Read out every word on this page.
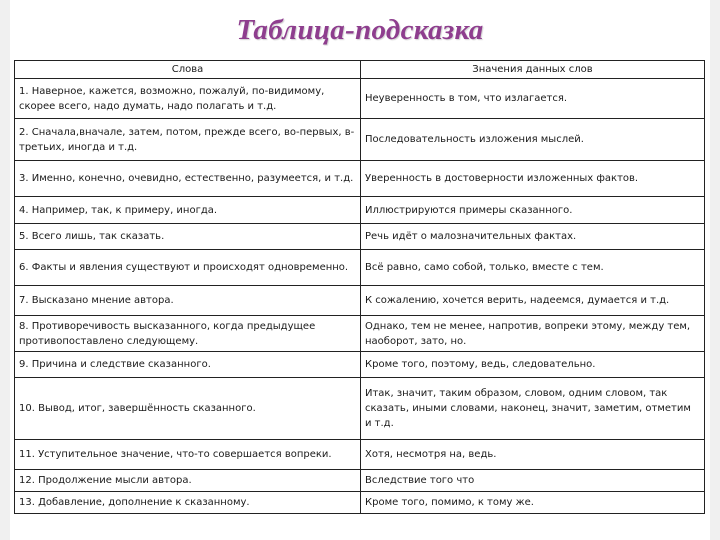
Таблица-подсказка
Слова	Значения данных слов
1. Наверное, кажется, возможно, пожалуй, по-видимому, скорее всего, надо думать, надо полагать и т.д.	Неуверенность в том, что излагается.
2. Сначала,вначале, затем, потом, прежде всего, во-первых, в-третьих, иногда и т.д.	Последовательность изложения мыслей.
3. Именно, конечно, очевидно, естественно, разумеется, и т.д.	Уверенность в достоверности изложенных фактов.
4. Например, так, к примеру, иногда.	Иллюстрируются примеры сказанного.
5. Всего лишь, так сказать.	Речь идёт о малозначительных фактах.
6. Факты и явления существуют и происходят одновременно.	Всё равно, само собой, только, вместе с тем.
7. Высказано мнение автора.	К сожалению, хочется верить, надеемся, думается и т.д.
8. Противоречивость высказанного, когда предыдущее противопоставлено следующему.	Однако, тем не менее, напротив, вопреки этому, между тем, наоборот, зато, но.
9. Причина и следствие сказанного.	Кроме того, поэтому, ведь, следовательно.
10. Вывод, итог, завершённость сказанного.	Итак, значит, таким образом, словом, одним словом, так сказать, иными словами, наконец, значит, заметим, отметим и т.д.
11. Уступительное значение, что-то совершается вопреки.	Хотя, несмотря на, ведь.
12. Продолжение мысли автора.	Вследствие того что
13. Добавление, дополнение к сказанному.	Кроме того, помимо, к тому же.
